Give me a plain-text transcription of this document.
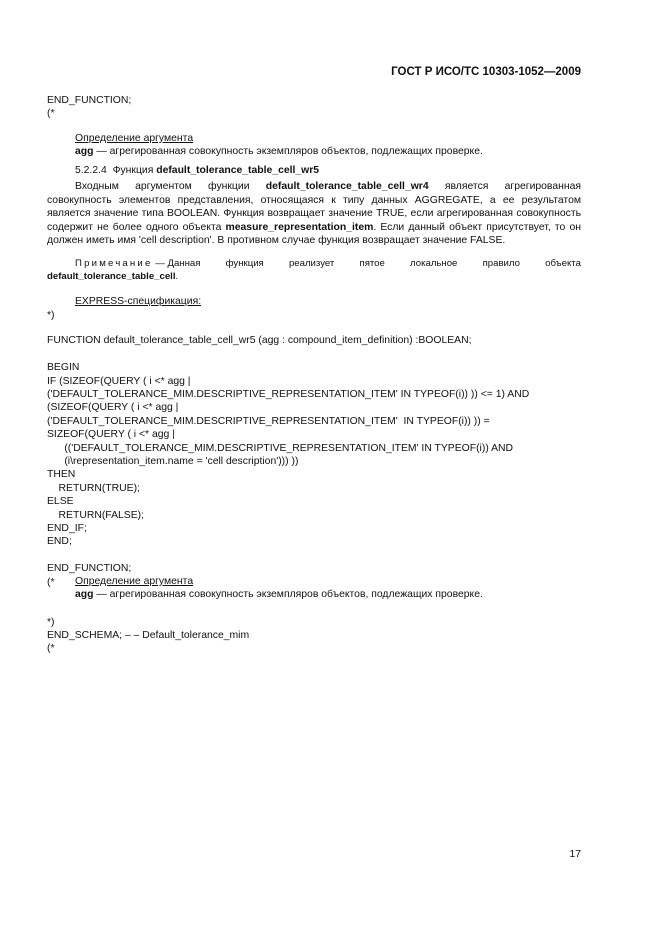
ГОСТ Р ИСО/ТС 10303-1052—2009
END_FUNCTION;
(*
Определение аргумента
agg — агрегированная совокупность экземпляров объектов, подлежащих проверке.
5.2.2.4 Функция default_tolerance_table_cell_wr5

Входным аргументом функции default_tolerance_table_cell_wr4 является агрегированная совокупность элементов представления, относящаяся к типу данных AGGREGATE, а ее результатом является значение типа BOOLEAN. Функция возвращает значение TRUE, если агрегированная совокупность содержит не более одного объекта measure_representation_item. Если данный объект присутствует, то он должен иметь имя 'cell description'. В противном случае функция возвращает значение FALSE.

Примечание — Данная	функция	реализует	пятое	локальное	правило	объекта
default_tolerance_table_cell.
EXPRESS-спецификация:
*)

FUNCTION default_tolerance_table_cell_wr5 (agg : compound_item_definition) :BOOLEAN;
BEGIN
IF (SIZEOF(QUERY ( i <* agg |
('DEFAULT_TOLERANCE_MIM.DESCRIPTIVE_REPRESENTATION_ITEM' IN TYPEOF(i)) )) <= 1) AND
(SIZEOF(QUERY ( i <* agg |
('DEFAULT_TOLERANCE_MIM.DESCRIPTIVE_REPRESENTATION_ITEM'  IN TYPEOF(i)) )) =
SIZEOF(QUERY ( i <* agg |
(('DEFAULT_TOLERANCE_MIM.DESCRIPTIVE_REPRESENTATION_ITEM' IN TYPEOF(i)) AND
(i\representation_item.name = 'cell description'))) ))
THEN
RETURN(TRUE);
ELSE
RETURN(FALSE);
END_IF;
END;
END_FUNCTION;
(*	Определение аргумента
agg — агрегированная совокупность экземпляров объектов, подлежащих проверке.
*)
END_SCHEMA; – – Default_tolerance_mim
(*
17
